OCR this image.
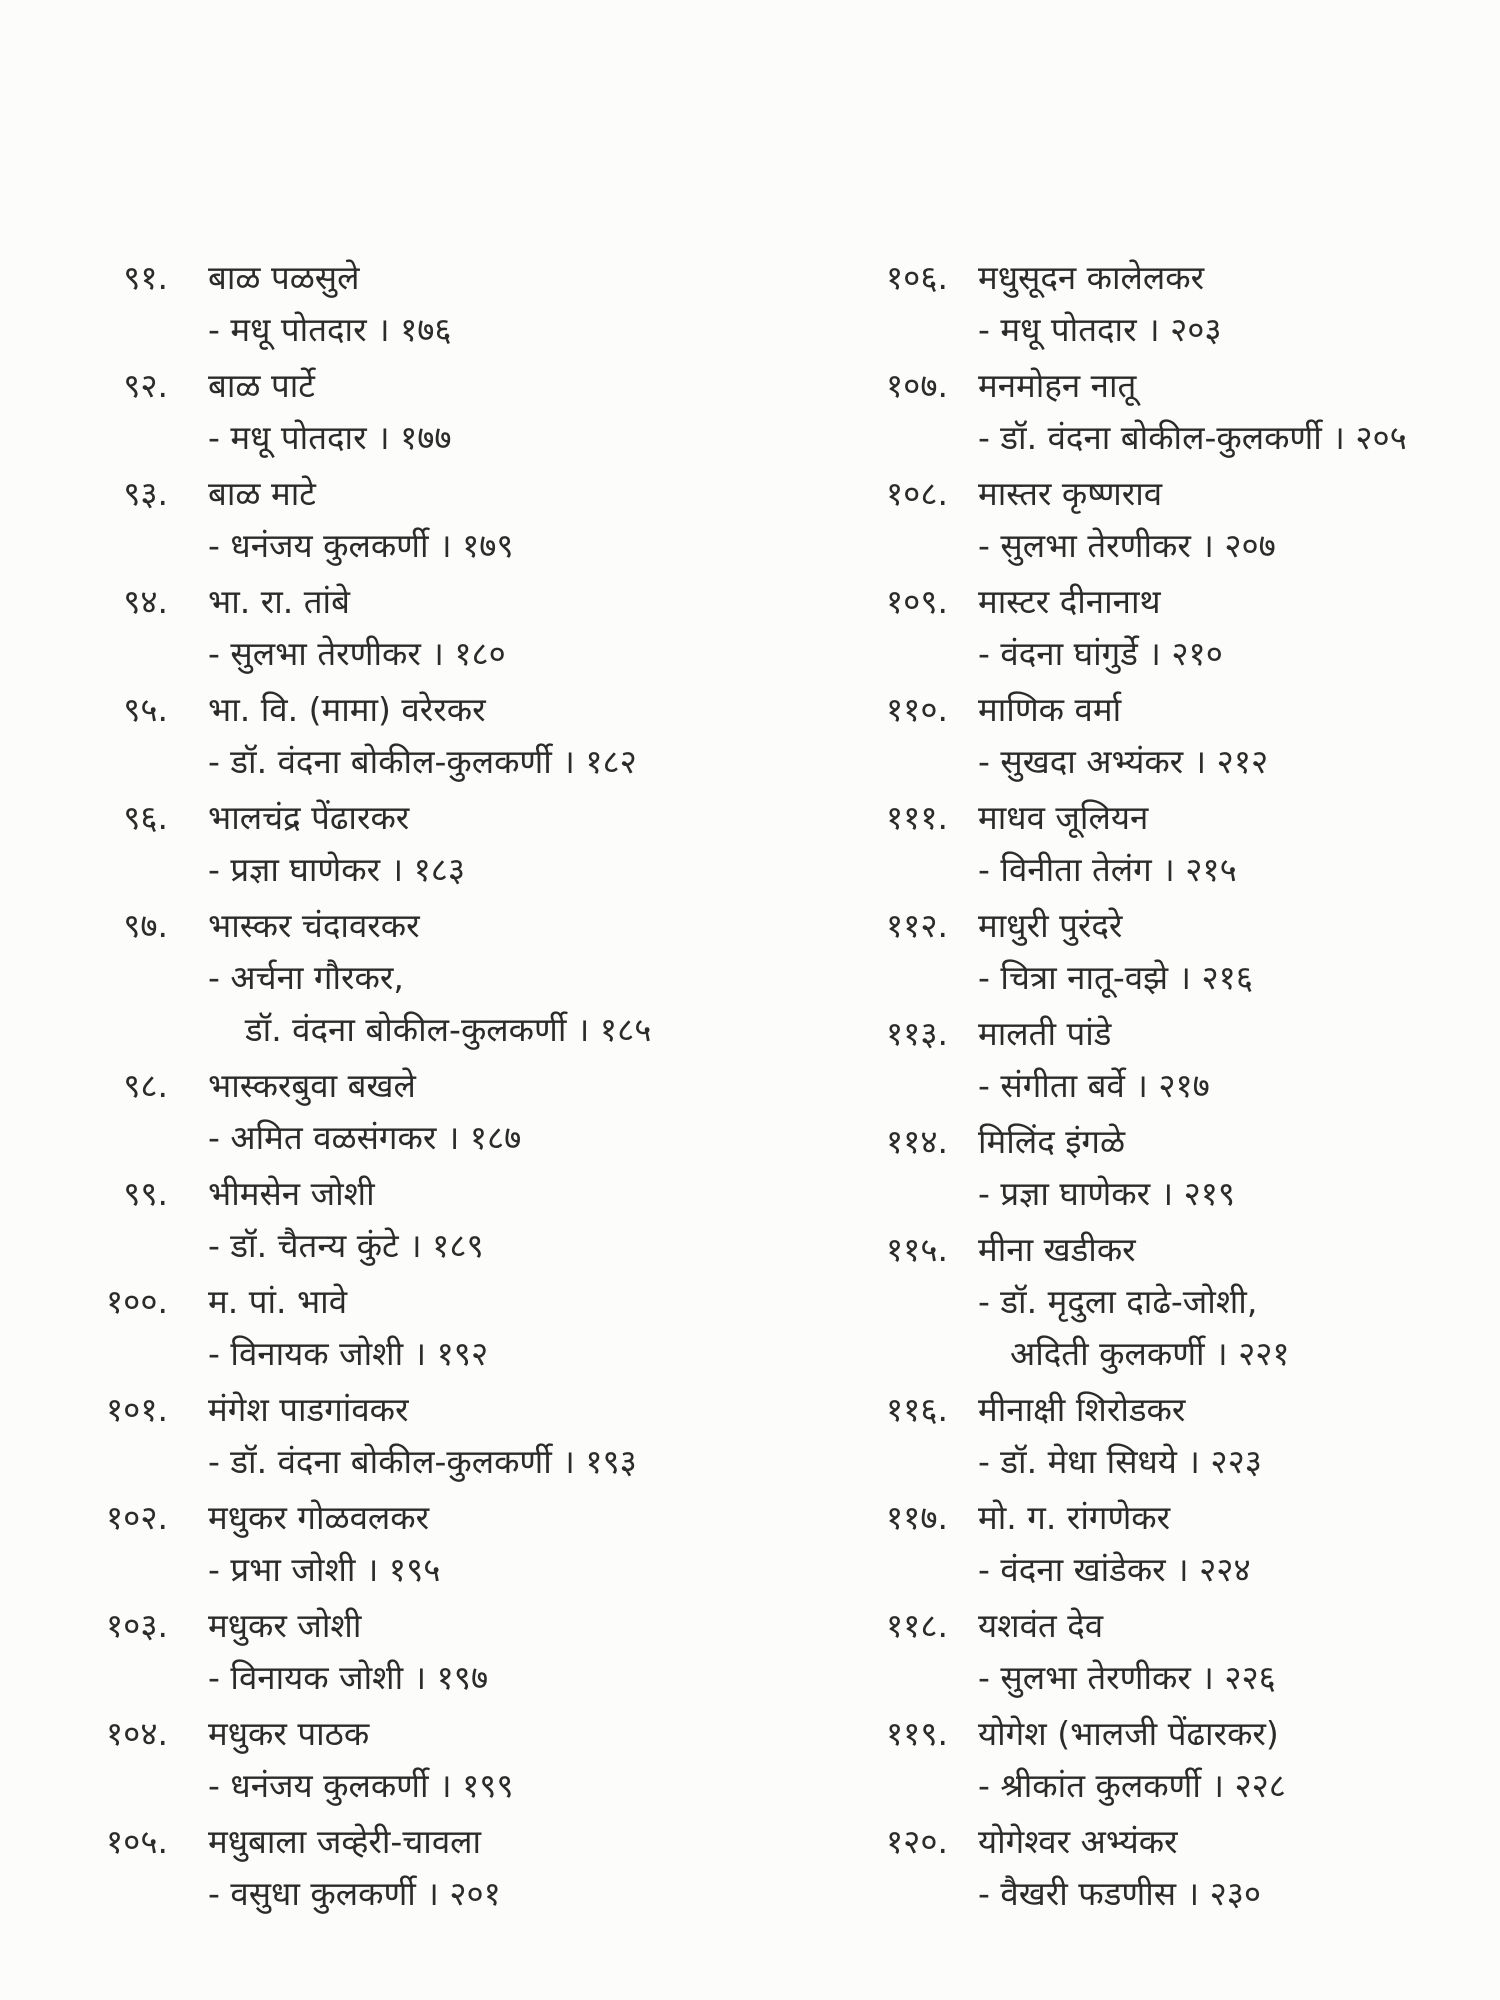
९१. बाळ पळसुले
- मधू पोतदार । १७६
९२. बाळ पार्टे
- मधू पोतदार । १७७
९३. बाळ माटे
- धनंजय कुलकर्णी । १७९
९४. भा. रा. तांबे
- सुलभा तेरणीकर । १८०
९५. भा. वि. (मामा) वरेरकर
- डॉ. वंदना बोकील-कुलकर्णी । १८२
९६. भालचंद्र पेंढारकर
- प्रज्ञा घाणेकर । १८३
९७. भास्कर चंदावरकर
- अर्चना गौरकर,
डॉ. वंदना बोकील-कुलकर्णी । १८५
९८. भास्करबुवा बखले
- अमित वळसंगकर । १८७
९९. भीमसेन जोशी
- डॉ. चैतन्य कुंटे । १८९
१००. म. पां. भावे
- विनायक जोशी । १९२
१०१. मंगेश पाडगांवकर
- डॉ. वंदना बोकील-कुलकर्णी । १९३
१०२. मधुकर गोळवलकर
- प्रभा जोशी । १९५
१०३. मधुकर जोशी
- विनायक जोशी । १९७
१०४. मधुकर पाठक
- धनंजय कुलकर्णी । १९९
१०५. मधुबाला जव्हेरी-चावला
- वसुधा कुलकर्णी । २०१
१०६. मधुसूदन कालेलकर
- मधू पोतदार । २०३
१०७. मनमोहन नातू
- डॉ. वंदना बोकील-कुलकर्णी । २०५
१०८. मास्तर कृष्णराव
- सुलभा तेरणीकर । २०७
१०९. मास्टर दीनानाथ
- वंदना घांगुर्डे । २१०
११०. माणिक वर्मा
- सुखदा अभ्यंकर । २१२
१११. माधव जूलियन
- विनीता तेलंग । २१५
११२. माधुरी पुरंदरे
- चित्रा नातू-वझे । २१६
११३. मालती पांडे
- संगीता बर्वे । २१७
११४. मिलिंद इंगळे
- प्रज्ञा घाणेकर । २१९
११५. मीना खडीकर
- डॉ. मृदुला दाढे-जोशी,
अदिती कुलकर्णी । २२१
११६. मीनाक्षी शिरोडकर
- डॉ. मेधा सिधये । २२३
११७. मो. ग. रांगणेकर
- वंदना खांडेकर । २२४
११८. यशवंत देव
- सुलभा तेरणीकर । २२६
११९. योगेश (भालजी पेंढारकर)
- श्रीकांत कुलकर्णी । २२८
१२०. योगेश्वर अभ्यंकर
- वैखरी फडणीस । २३०
